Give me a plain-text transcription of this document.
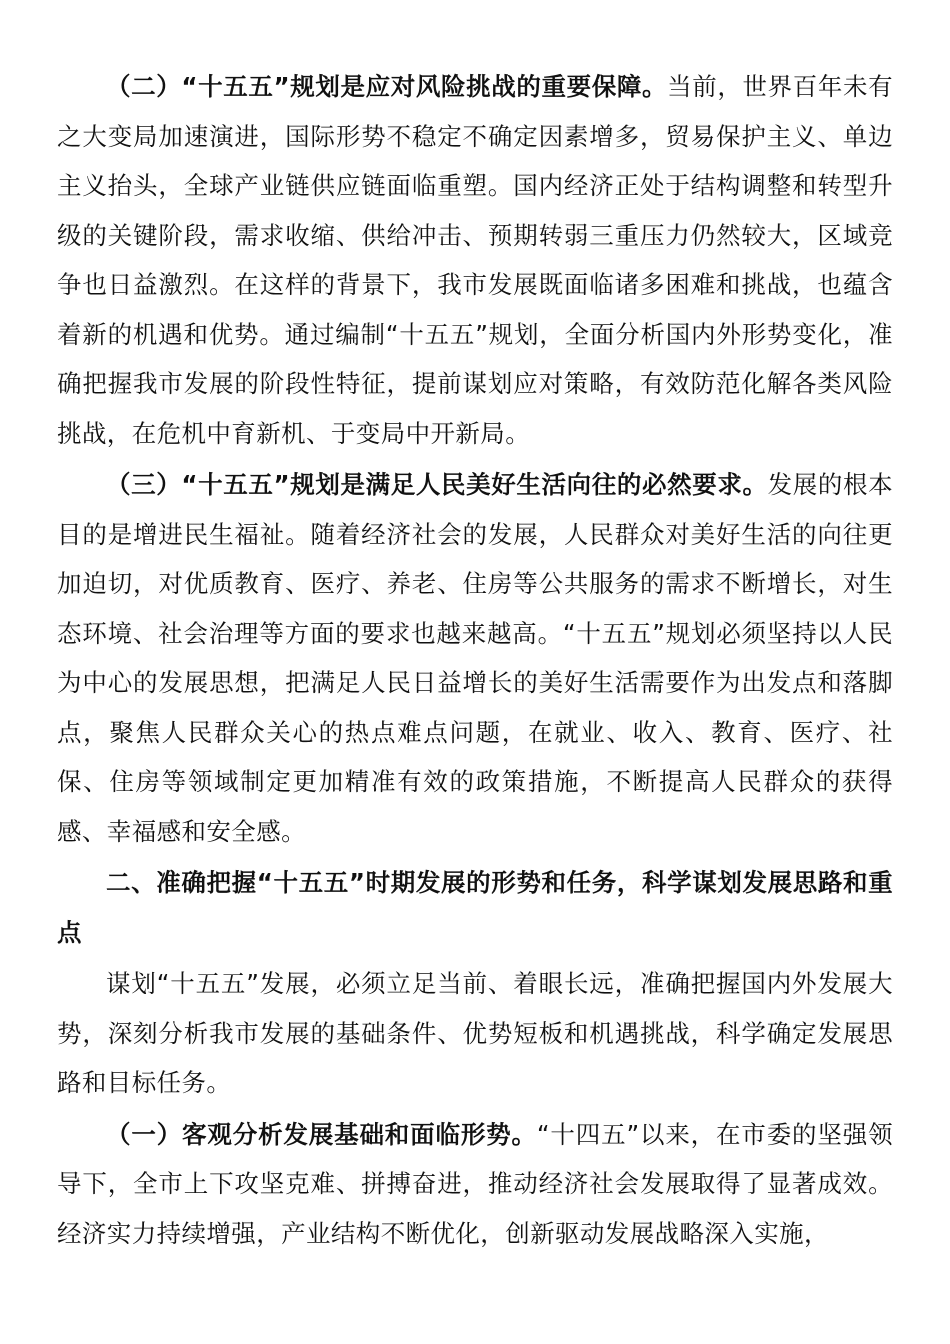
（二）“十五五”规划是应对风险挑战的重要保障。当前，世界百年未有之大变局加速演进，国际形势不稳定不确定因素增多，贸易保护主义、单边主义抬头，全球产业链供应链面临重塑。国内经济正处于结构调整和转型升级的关键阶段，需求收缩、供给冲击、预期转弱三重压力仍然较大，区域竞争也日益激烈。在这样的背景下，我市发展既面临诸多困难和挑战，也蕴含着新的机遇和优势。通过编制“十五五”规划，全面分析国内外形势变化，准确把握我市发展的阶段性特征，提前谋划应对策略，有效防范化解各类风险挑战，在危机中育新机、于变局中开新局。

（三）“十五五”规划是满足人民美好生活向往的必然要求。发展的根本目的是增进民生福祉。随着经济社会的发展，人民群众对美好生活的向往更加迫切，对优质教育、医疗、养老、住房等公共服务的需求不断增长，对生态环境、社会治理等方面的要求也越来越高。“十五五”规划必须坚持以人民为中心的发展思想，把满足人民日益增长的美好生活需要作为出发点和落脚点，聚焦人民群众关心的热点难点问题，在就业、收入、教育、医疗、社保、住房等领域制定更加精准有效的政策措施，不断提高人民群众的获得感、幸福感和安全感。

二、准确把握“十五五”时期发展的形势和任务，科学谋划发展思路和重点

谋划“十五五”发展，必须立足当前、着眼长远，准确把握国内外发展大势，深刻分析我市发展的基础条件、优势短板和机遇挑战，科学确定发展思路和目标任务。

（一）客观分析发展基础和面临形势。“十四五”以来，在市委的坚强领导下，全市上下攻坚克难、拼搏奋进，推动经济社会发展取得了显著成效。经济实力持续增强，产业结构不断优化，创新驱动发展战略深入实施，
